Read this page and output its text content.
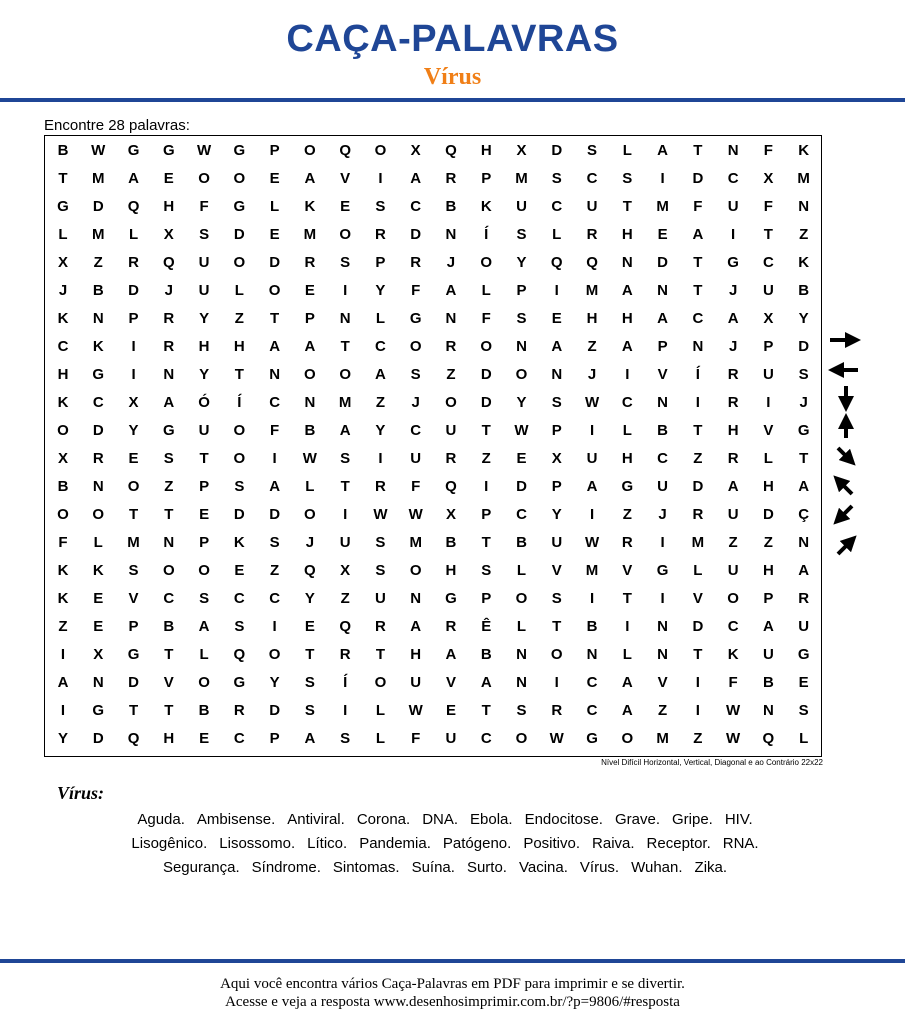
CAÇA-PALAVRAS
Vírus
Encontre 28 palavras:
B	W	G	G	W	G	P	O	Q	O	X	Q	H	X	D	S	L	A	T	N	F	K
T	M	A	E	O	O	E	A	V	I	A	R	P	M	S	C	S	I	D	C	X	M
G	D	Q	H	F	G	L	K	E	S	C	B	K	U	C	U	T	M	F	U	F	N
L	M	L	X	S	D	E	M	O	R	D	N	Í	S	L	R	H	E	A	I	T	Z
X	Z	R	Q	U	O	D	R	S	P	R	J	O	Y	Q	Q	N	D	T	G	C	K
J	B	D	J	U	L	O	E	I	Y	F	A	L	P	I	M	A	N	T	J	U	B
K	N	P	R	Y	Z	T	P	N	L	G	N	F	S	E	H	H	A	C	A	X	Y
C	K	I	R	H	H	A	A	T	C	O	R	O	N	A	Z	A	P	N	J	P	D
H	G	I	N	Y	T	N	O	O	A	S	Z	D	O	N	J	I	V	Í	R	U	S
K	C	X	A	Ó	Í	C	N	M	Z	J	O	D	Y	S	W	C	N	I	R	I	J
O	D	Y	G	U	O	F	B	A	Y	C	U	T	W	P	I	L	B	T	H	V	G
X	R	E	S	T	O	I	W	S	I	U	R	Z	E	X	U	H	C	Z	R	L	T
B	N	O	Z	P	S	A	L	T	R	F	Q	I	D	P	A	G	U	D	A	H	A
O	O	T	T	E	D	D	O	I	W	W	X	P	C	Y	I	Z	J	R	U	D	Ç
F	L	M	N	P	K	S	J	U	S	M	B	T	B	U	W	R	I	M	Z	Z	N
K	K	S	O	O	E	Z	Q	X	S	O	H	S	L	V	M	V	G	L	U	H	A
K	E	V	C	S	C	C	Y	Z	U	N	G	P	O	S	I	T	I	V	O	P	R
Z	E	P	B	A	S	I	E	Q	R	A	R	Ê	L	T	B	I	N	D	C	A	U
I	X	G	T	L	Q	O	T	R	T	H	A	B	N	O	N	L	N	T	K	U	G
A	N	D	V	O	G	Y	S	Í	O	U	V	A	N	I	C	A	V	I	F	B	E
I	G	T	T	B	R	D	S	I	L	W	E	T	S	R	C	A	Z	I	W	N	S
Y	D	Q	H	E	C	P	A	S	L	F	U	C	O	W	G	O	M	Z	W	Q	L
Nível Difícil Horizontal, Vertical, Diagonal e ao Contrário 22x22
Vírus:
Aguda. Ambisense. Antiviral. Corona. DNA. Ebola. Endocitose. Grave. Gripe. HIV.
Lisogênico. Lisossomo. Lítico. Pandemia. Patógeno. Positivo. Raiva. Receptor. RNA.
Segurança. Síndrome. Sintomas. Suína. Surto. Vacina. Vírus. Wuhan. Zika.
Aqui você encontra vários Caça-Palavras em PDF para imprimir e se divertir.
Acesse e veja a resposta www.desenhosimprimir.com.br/?p=9806/#resposta
